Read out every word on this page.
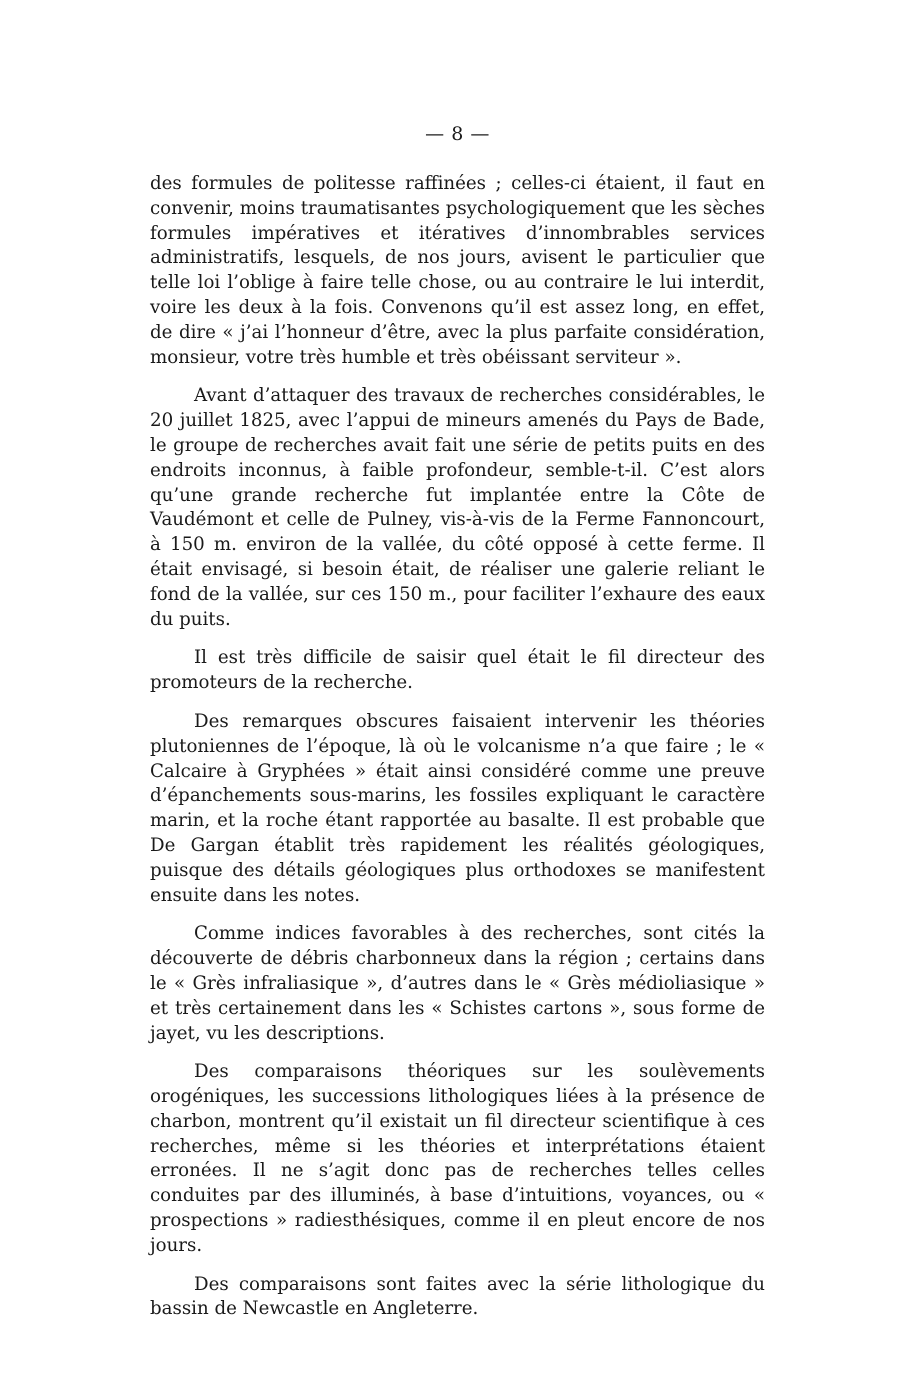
— 8 —

des formules de politesse raffinées ; celles-ci étaient, il faut en convenir, moins traumatisantes psychologiquement que les sèches formules impératives et itératives d’innombrables services administratifs, lesquels, de nos jours, avisent le particulier que telle loi l’oblige à faire telle chose, ou au contraire le lui interdit, voire les deux à la fois. Convenons qu’il est assez long, en effet, de dire « j’ai l’honneur d’être, avec la plus parfaite considération, monsieur, votre très humble et très obéissant serviteur ».

Avant d’attaquer des travaux de recherches considérables, le 20 juillet 1825, avec l’appui de mineurs amenés du Pays de Bade, le groupe de recherches avait fait une série de petits puits en des endroits inconnus, à faible profondeur, semble-t-il. C’est alors qu’une grande recherche fut implantée entre la Côte de Vaudémont et celle de Pulney, vis-à-vis de la Ferme Fannoncourt, à 150 m. environ de la vallée, du côté opposé à cette ferme. Il était envisagé, si besoin était, de réaliser une galerie reliant le fond de la vallée, sur ces 150 m., pour faciliter l’exhaure des eaux du puits.

Il est très difficile de saisir quel était le fil directeur des promoteurs de la recherche.

Des remarques obscures faisaient intervenir les théories plutoniennes de l’époque, là où le volcanisme n’a que faire ; le « Calcaire à Gryphées » était ainsi considéré comme une preuve d’épanchements sous-marins, les fossiles expliquant le caractère marin, et la roche étant rapportée au basalte. Il est probable que De Gargan établit très rapidement les réalités géologiques, puisque des détails géologiques plus orthodoxes se manifestent ensuite dans les notes.

Comme indices favorables à des recherches, sont cités la découverte de débris charbonneux dans la région ; certains dans le « Grès infraliasique », d’autres dans le « Grès médioliasique » et très certainement dans les « Schistes cartons », sous forme de jayet, vu les descriptions.

Des comparaisons théoriques sur les soulèvements orogéniques, les successions lithologiques liées à la présence de charbon, montrent qu’il existait un fil directeur scientifique à ces recherches, même si les théories et interprétations étaient erronées. Il ne s’agit donc pas de recherches telles celles conduites par des illuminés, à base d’intuitions, voyances, ou « prospections » radiesthésiques, comme il en pleut encore de nos jours.

Des comparaisons sont faites avec la série lithologique du bassin de Newcastle en Angleterre.
